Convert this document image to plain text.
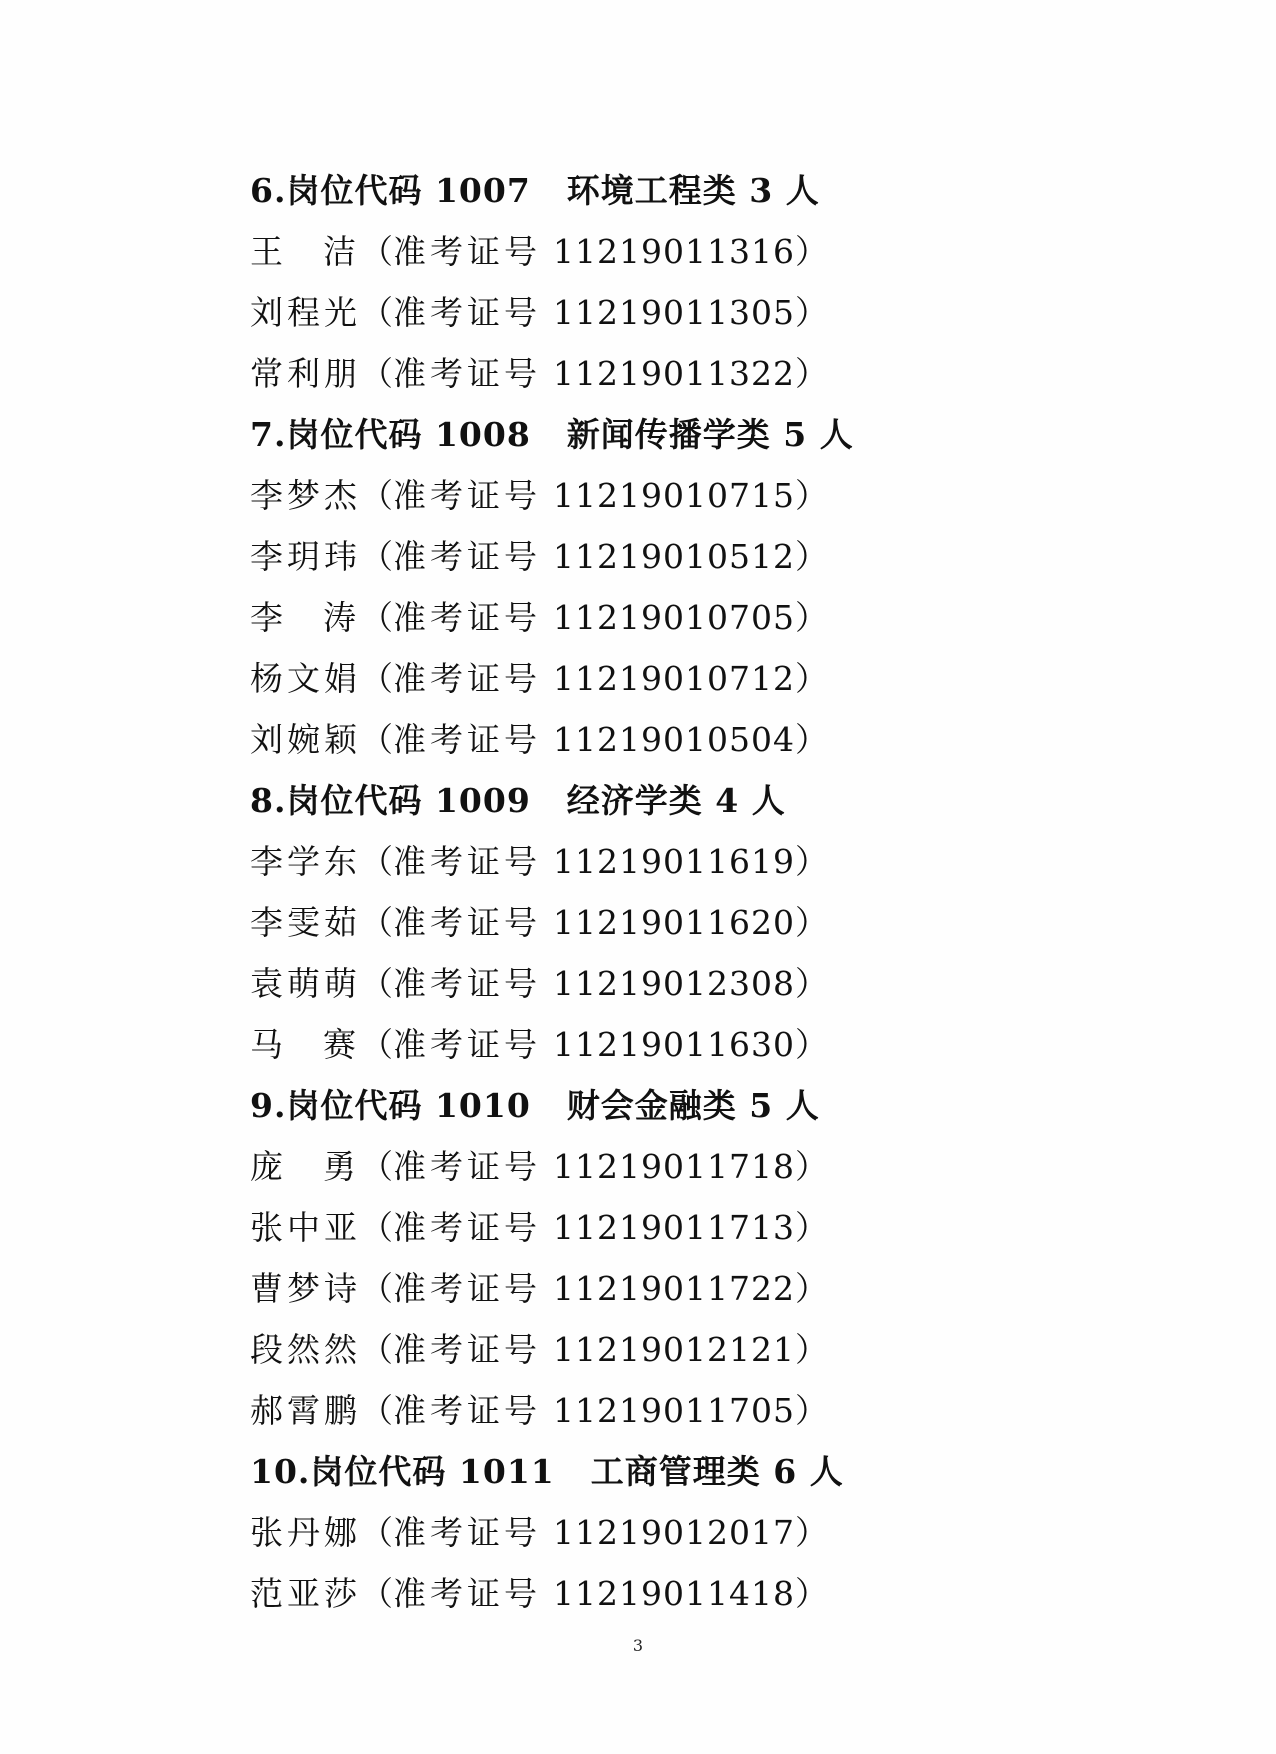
6.岗位代码 1007 环境工程类 3 人
王 洁（准考证号 11219011316）
刘程光（准考证号 11219011305）
常利朋（准考证号 11219011322）
7.岗位代码 1008 新闻传播学类 5 人
李梦杰（准考证号 11219010715）
李玥玮（准考证号 11219010512）
李 涛（准考证号 11219010705）
杨文娟（准考证号 11219010712）
刘婉颖（准考证号 11219010504）
8.岗位代码 1009 经济学类 4 人
李学东（准考证号 11219011619）
李雯茹（准考证号 11219011620）
袁萌萌（准考证号 11219012308）
马 赛（准考证号 11219011630）
9.岗位代码 1010 财会金融类 5 人
庞 勇（准考证号 11219011718）
张中亚（准考证号 11219011713）
曹梦诗（准考证号 11219011722）
段然然（准考证号 11219012121）
郝霄鹏（准考证号 11219011705）
10.岗位代码 1011 工商管理类 6 人
张丹娜（准考证号 11219012017）
范亚莎（准考证号 11219011418）
3
